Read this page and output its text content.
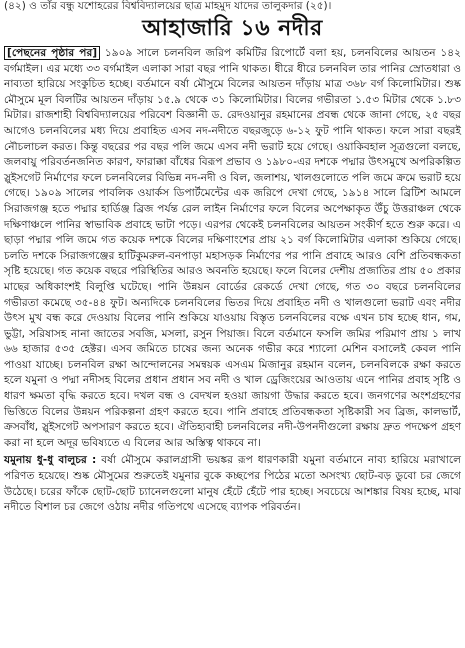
(৪২) ও তাঁর বন্ধু যশোহরের বিশ্ববিদ্যালয়ের ছাত্র মাহমুদ যাদের তালুকদার (২৫)।
আহাজারি ১৬ নদীর

[পেছনের পৃষ্ঠার পর] ১৯০৯ সালে চলনবিল জরিপ কমিটির রিপোর্টে বলা হয়, চলনবিলের আয়তন ১৪২ বর্গমাইল। এর মধ্যে ৩৩ বর্গমাইল এলাকা সারা বছর পানি থাকত। ধীরে ধীরে চলনবিল তার পানির স্রোতধারা ও নাব্যতা হারিয়ে সংকুচিত হচ্ছে। বর্তমানে বর্ষা মৌসুমে বিলের আয়তন দাঁড়ায় মাত্র ৩৬৮ বর্গ কিলোমিটার। শুষ্ক মৌসুমে মূল বিলটির আয়তন দাঁড়ায় ১৫.৯ থেকে ৩১ কিলোমিটার। বিলের গভীরতা ১.৫৩ মিটার থেকে ১.৮৩ মিটার। রাজশাহী বিশ্ববিদ্যালয়ের পরিবেশ বিজ্ঞানী ড. রেদওয়ানুর রহমানের প্রবন্ধ থেকে জানা গেছে, ২৫ বছর আগেও চলনবিলের মধ্য দিয়ে প্রবাহিত এসব নদ-নদীতে বছরজুড়ে ৬-১২ ফুট পানি থাকত। ফলে সারা বছরই নৌচলাচল করত। কিন্তু বছরের পর বছর পলি জমে এসব নদী ভরাট হয়ে গেছে। ওয়াকিবহাল সূত্রগুলো বলছে, জলবায়ু পরিবর্তনজনিত কারণ, ফারাক্কা বাঁধের বিরূপ প্রভাব ও ১৯৮০-এর দশকে পদ্মার উৎসমুখে অপরিকল্পিত স্লুইসগেট নির্মাণের ফলে চলনবিলের বিভিন্ন নদ-নদী ও বিল, জলাশয়, খালগুলোতে পলি জমে ক্রমে ভরাট হয়ে গেছে। ১৯০৯ সালের পাবলিক ওয়ার্কস ডিপার্টমেন্টের এক জরিপে দেখা গেছে, ১৯১৪ সালে ব্রিটিশ আমলে সিরাজগঞ্জ হতে পদ্মার হার্ডিঞ্জ ব্রিজ পর্যন্ত রেল লাইন নির্মাণের ফলে বিলের অপেক্ষাকৃত উঁচু উত্তরাঞ্চল থেকে দক্ষিণাঞ্চলে পানির স্বাভাবিক প্রবাহে ভাটা পড়ে। এরপর থেকেই চলনবিলের আয়তন সংকীর্ণ হতে শুরু করে। এ ছাড়া পদ্মার পলি জমে গত কয়েক দশকে বিলের দক্ষিণাংশের প্রায় ২১ বর্গ কিলোমিটার এলাকা শুকিয়ে গেছে। চলতি দশকে সিরাজগঞ্জের হাটিকুমরুল-বনপাড়া মহাসড়ক নির্মাণের পর পানি প্রবাহে আরও বেশি প্রতিবন্ধকতা সৃষ্টি হয়েছে। গত কয়েক বছরে পরিস্থিতির আরও অবনতি হয়েছে। ফলে বিলের দেশীয় প্রজাতির প্রায় ৫০ প্রকার মাছের অধিকাংশই বিলুপ্তি ঘটেছে। পানি উন্নয়ন বোর্ডের রেকর্ডে দেখা গেছে, গত ৩০ বছরে চলনবিলের গভীরতা কমেছে ৩৫-৪৪ ফুট। অন্যদিকে চলনবিলের ভিতর দিয়ে প্রবাহিত নদী ও খালগুলো ভরাট এবং নদীর উৎস মুখ বন্ধ করে দেওয়ায় বিলের পানি শুকিয়ে যাওয়ায় বিস্তৃত চলনবিলের বক্ষে এখন চাষ হচ্ছে ধান, গম, ভুট্টা, সরিষাসহ নানা জাতের সবজি, মসলা, রসুন পিয়াজ। বিলে বর্তমানে ফসলি জমির পরিমাণ প্রায় ১ লাখ ৬৬ হাজার ৫৩৫ হেক্টর। এসব জমিতে চাষের জন্য অনেক গভীর করে শ্যালো মেশিন বসালেই কেবল পানি পাওয়া যাচ্ছে। চলনবিল রক্ষা আন্দোলনের সমন্বয়ক এসএম মিজানুর রহমান বলেন, চলনবিলকে রক্ষা করতে হলে যমুনা ও পদ্মা নদীসহ বিলের প্রধান প্রধান সব নদী ও খাল ড্রেজিংয়ের আওতায় এনে পানির প্রবাহ সৃষ্টি ও ধারণ ক্ষমতা বৃদ্ধি করতে হবে। দখল বন্ধ ও বেদখল হওয়া জায়গা উদ্ধার করতে হবে। জনগণের অংশগ্রহণের ভিত্তিতে বিলের উন্নয়ন পরিকল্পনা গ্রহণ করতে হবে। পানি প্রবাহে প্রতিবন্ধকতা সৃষ্টিকারী সব ব্রিজ, কালভার্ট, ক্রসবাঁধ, স্লুইসগেট অপসারণ করতে হবে। ঐতিহ্যবাহী চলনবিলের নদী-উপনদীগুলো রক্ষায় দ্রুত পদক্ষেপ গ্রহণ করা না হলে অদূর ভবিষ্যতে এ বিলের আর অস্তিত্ব থাকবে না।

যমুনায় ধু-ধু বালুচর : বর্ষা মৌসুমে করালগ্রাসী ভয়ঙ্কর রূপ ধারণকারী যমুনা বর্তমানে নাব্য হারিয়ে মরাখালে পরিণত হয়েছে। শুষ্ক মৌসুমের শুরুতেই যমুনার বুকে কচ্ছপের পিঠের মতো অসংখ্য ছোট-বড় ডুবো চর জেগে উঠেছে। চরের ফাঁকে ছোট-ছোট চ্যানেলগুলো মানুষ হেঁটে হেঁটে পার হচ্ছে। সবচেয়ে আশঙ্কার বিষয় হচ্ছে, মাঝ নদীতে বিশাল চর জেগে ওঠায় নদীর গতিপথে এসেছে ব্যাপক পরিবর্তন।
